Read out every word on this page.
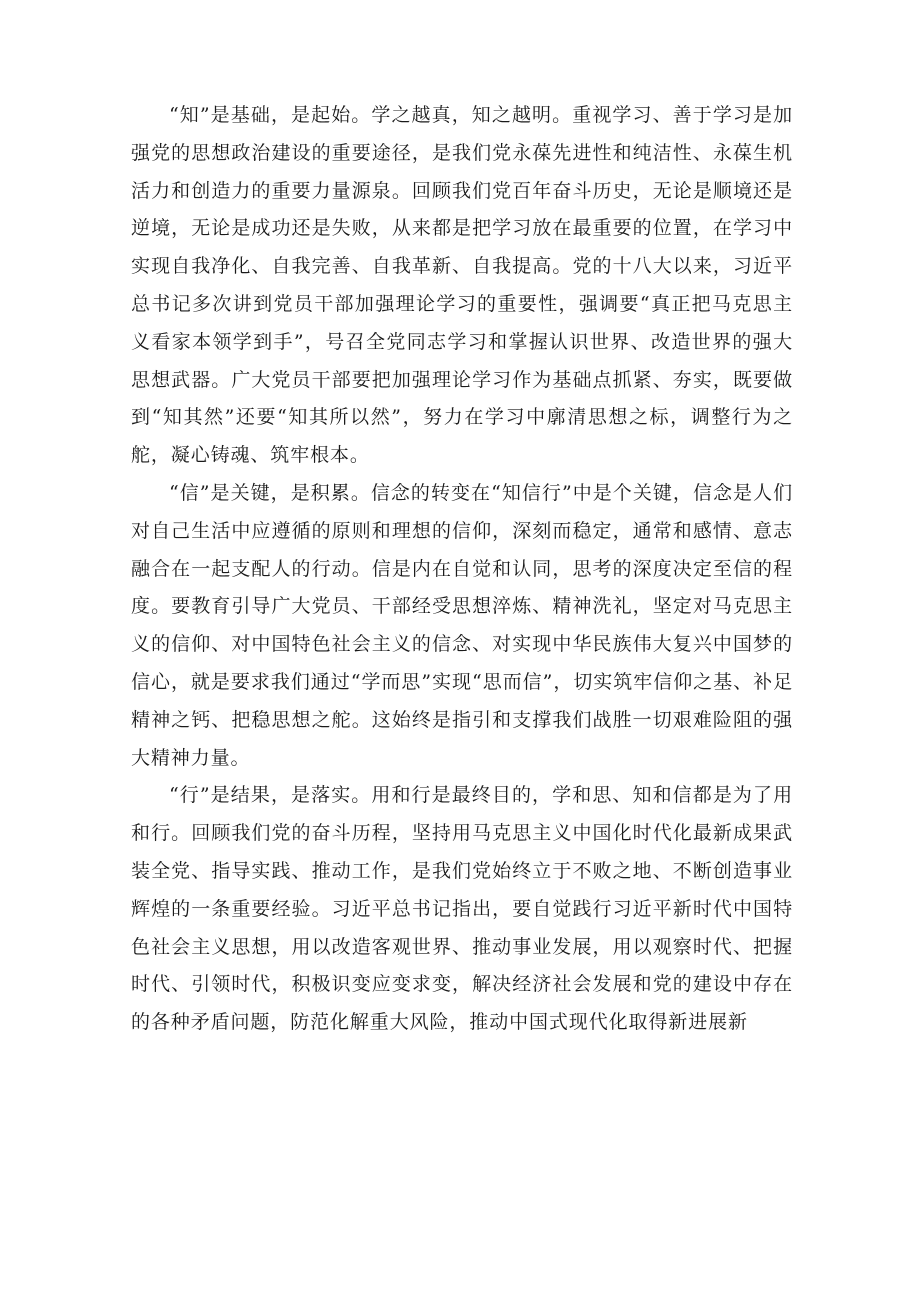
“知”是基础，是起始。学之越真，知之越明。重视学习、善于学习是加强党的思想政治建设的重要途径，是我们党永葆先进性和纯洁性、永葆生机活力和创造力的重要力量源泉。回顾我们党百年奋斗历史，无论是顺境还是逆境，无论是成功还是失败，从来都是把学习放在最重要的位置，在学习中实现自我净化、自我完善、自我革新、自我提高。党的十八大以来，习近平总书记多次讲到党员干部加强理论学习的重要性，强调要“真正把马克思主义看家本领学到手”，号召全党同志学习和掌握认识世界、改造世界的强大思想武器。广大党员干部要把加强理论学习作为基础点抓紧、夯实，既要做到“知其然”还要“知其所以然”，努力在学习中廓清思想之标，调整行为之舵，凝心铸魂、筑牢根本。

“信”是关键，是积累。信念的转变在“知信行”中是个关键，信念是人们对自己生活中应遵循的原则和理想的信仰，深刻而稳定，通常和感情、意志融合在一起支配人的行动。信是内在自觉和认同，思考的深度决定至信的程度。要教育引导广大党员、干部经受思想淬炼、精神洗礼，坚定对马克思主义的信仰、对中国特色社会主义的信念、对实现中华民族伟大复兴中国梦的信心，就是要求我们通过“学而思”实现“思而信”，切实筑牢信仰之基、补足精神之钙、把稳思想之舵。这始终是指引和支撑我们战胜一切艰难险阻的强大精神力量。

“行”是结果，是落实。用和行是最终目的，学和思、知和信都是为了用和行。回顾我们党的奋斗历程，坚持用马克思主义中国化时代化最新成果武装全党、指导实践、推动工作，是我们党始终立于不败之地、不断创造事业辉煌的一条重要经验。习近平总书记指出，要自觉践行习近平新时代中国特色社会主义思想，用以改造客观世界、推动事业发展，用以观察时代、把握时代、引领时代，积极识变应变求变，解决经济社会发展和党的建设中存在的各种矛盾问题，防范化解重大风险，推动中国式现代化取得新进展新
